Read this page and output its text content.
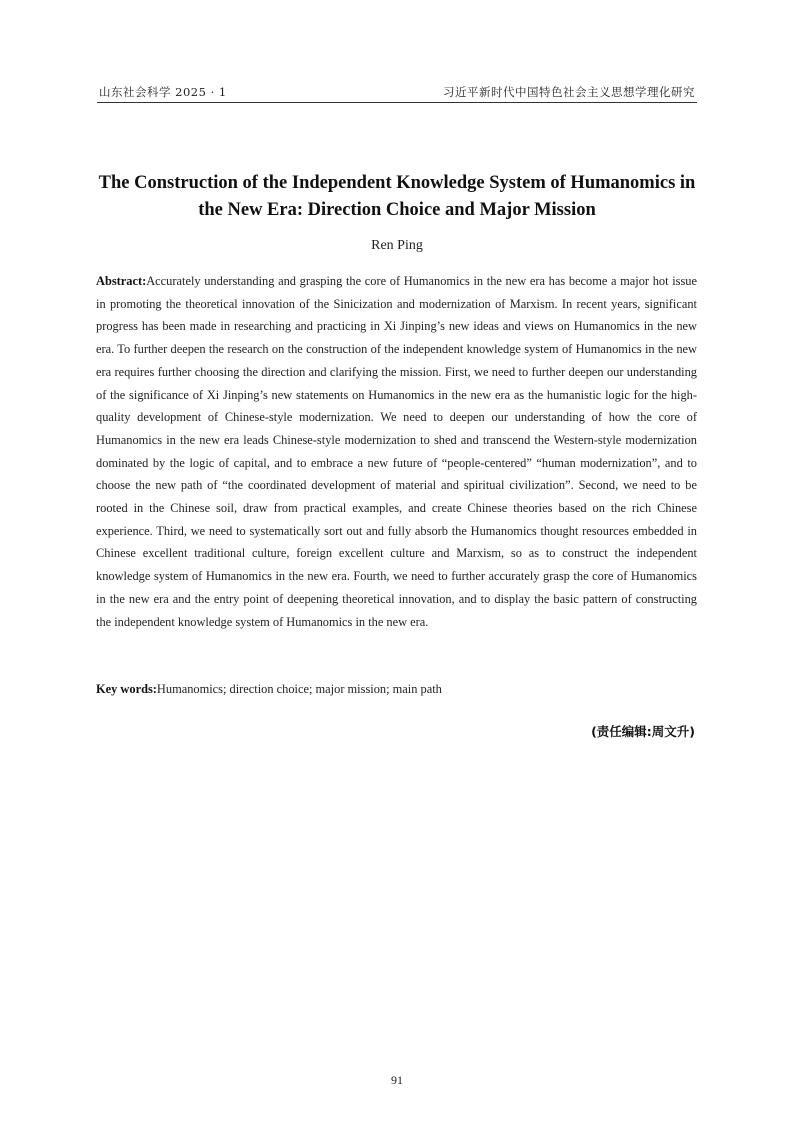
山东社会科学 2025 · 1	习近平新时代中国特色社会主义思想学理化研究
The Construction of the Independent Knowledge System of Humanomics in the New Era: Direction Choice and Major Mission
Ren Ping

Abstract:Accurately understanding and grasping the core of Humanomics in the new era has become a major hot issue in promoting the theoretical innovation of the Sinicization and modernization of Marxism. In recent years, significant progress has been made in researching and practicing in Xi Jinping’s new ideas and views on Humanomics in the new era. To further deepen the research on the construction of the independent knowledge system of Humanomics in the new era requires further choosing the direction and clarifying the mission. First, we need to further deepen our understanding of the significance of Xi Jinping’s new statements on Humanomics in the new era as the humanistic logic for the high-quality development of Chinese-style modernization. We need to deepen our understanding of how the core of Humanomics in the new era leads Chinese-style modernization to shed and transcend the Western-style modernization dominated by the logic of capital, and to embrace a new future of “people-centered” “human modernization”, and to choose the new path of “the coordinated development of material and spiritual civilization”. Second, we need to be rooted in the Chinese soil, draw from practical examples, and create Chinese theories based on the rich Chinese experience. Third, we need to systematically sort out and fully absorb the Humanomics thought resources embedded in Chinese excellent traditional culture, foreign excellent culture and Marxism, so as to construct the independent knowledge system of Humanomics in the new era. Fourth, we need to further accurately grasp the core of Humanomics in the new era and the entry point of deepening theoretical innovation, and to display the basic pattern of constructing the independent knowledge system of Humanomics in the new era.

Key words:Humanomics; direction choice; major mission; main path

(责任编辑:周文升)
91
